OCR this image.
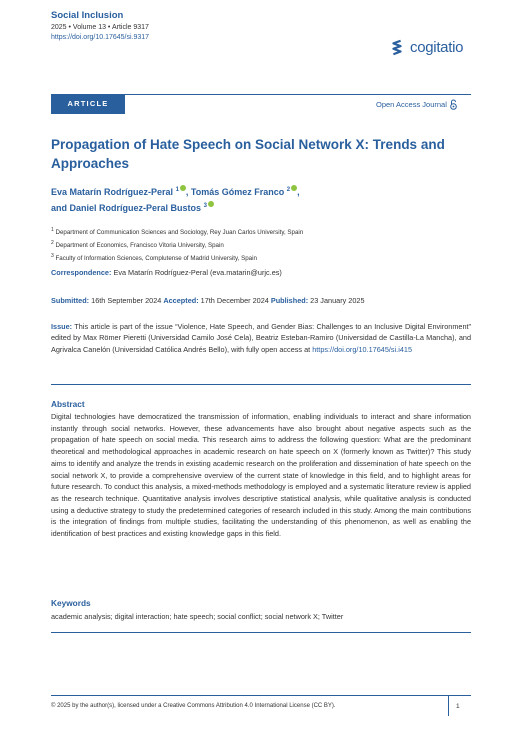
Social Inclusion
2025 • Volume 13 • Article 9317
https://doi.org/10.17645/si.9317
cogitatio
ARTICLE	Open Access Journal
Propagation of Hate Speech on Social Network X: Trends and Approaches
Eva Matarín Rodríguez-Peral $^1$ , Tomás Gómez Franco $^2$ ,
and Daniel Rodríguez-Peral Bustos $^3$
$^1$ Department of Communication Sciences and Sociology, Rey Juan Carlos University, Spain
$^2$ Department of Economics, Francisco Vitoria University, Spain
$^3$ Faculty of Information Sciences, Complutense of Madrid University, Spain
Correspondence: Eva Matarín Rodríguez-Peral (eva.matarin@urjc.es)
Submitted: 16th September 2024 Accepted: 17th December 2024 Published: 23 January 2025
Issue: This article is part of the issue “Violence, Hate Speech, and Gender Bias: Challenges to an Inclusive Digital Environment” edited by Max Römer Pieretti (Universidad Camilo José Cela), Beatriz Esteban-Ramiro (Universidad de Castilla-La Mancha), and Agrivalca Canelón (Universidad Católica Andrés Bello), with fully open access at https://doi.org/10.17645/si.i415
Abstract
Digital technologies have democratized the transmission of information, enabling individuals to interact and share information instantly through social networks. However, these advancements have also brought about negative aspects such as the propagation of hate speech on social media. This research aims to address the following question: What are the predominant theoretical and methodological approaches in academic research on hate speech on X (formerly known as Twitter)? This study aims to identify and analyze the trends in existing academic research on the proliferation and dissemination of hate speech on the social network X, to provide a comprehensive overview of the current state of knowledge in this field, and to highlight areas for future research. To conduct this analysis, a mixed-methods methodology is employed and a systematic literature review is applied as the research technique. Quantitative analysis involves descriptive statistical analysis, while qualitative analysis is conducted using a deductive strategy to study the predetermined categories of research included in this study. Among the main contributions is the integration of findings from multiple studies, facilitating the understanding of this phenomenon, as well as enabling the identification of best practices and existing knowledge gaps in this field.
Keywords
academic analysis; digital interaction; hate speech; social conflict; social network X; Twitter
© 2025 by the author(s), licensed under a Creative Commons Attribution 4.0 International License (CC BY).	1
